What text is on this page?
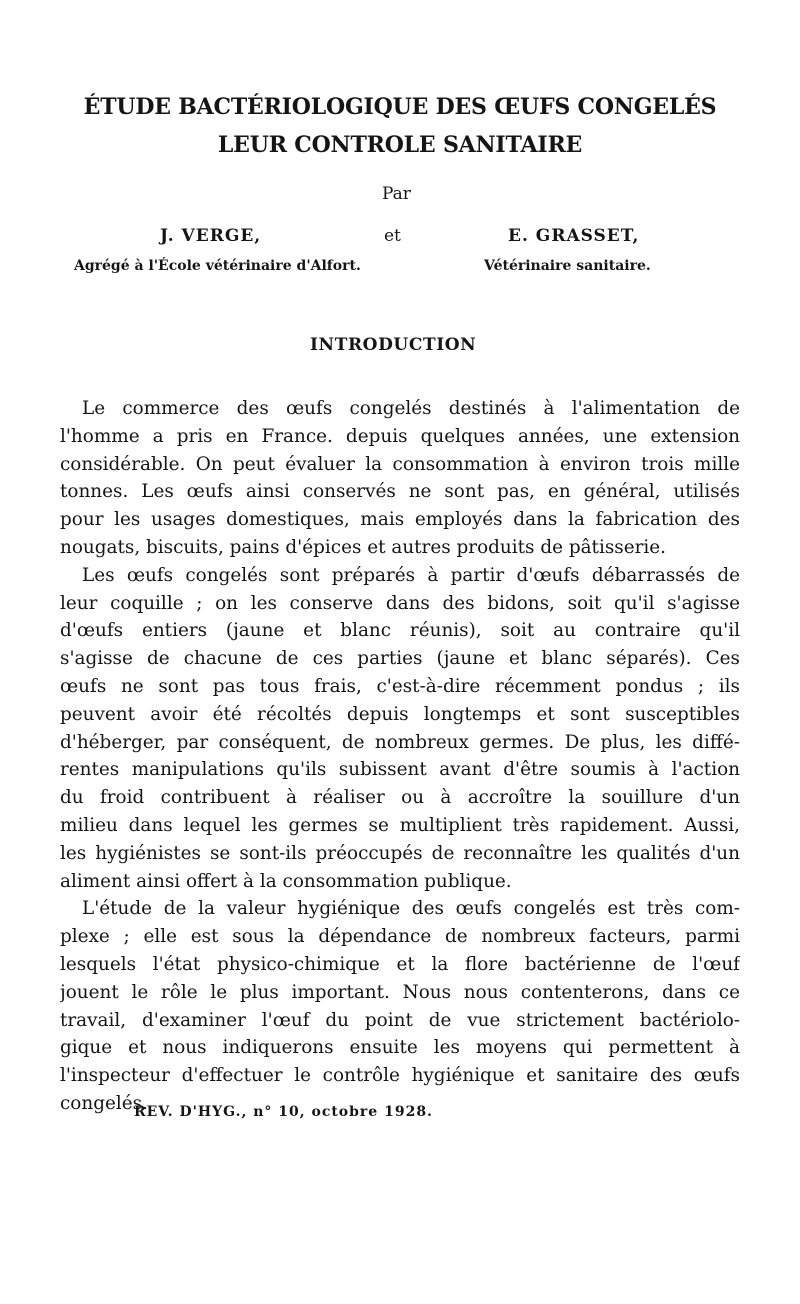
ÉTUDE BACTÉRIOLOGIQUE DES ŒUFS CONGELÉS
LEUR CONTROLE SANITAIRE
Par
J. VERGE,	et	E. GRASSET,
Agrégé à l'École vétérinaire d'Alfort.	Vétérinaire sanitaire.
INTRODUCTION
Le commerce des œufs congelés destinés à l'alimentation de
l'homme a pris en France. depuis quelques années, une extension
considérable. On peut évaluer la consommation à environ trois mille
tonnes. Les œufs ainsi conservés ne sont pas, en général, utilisés
pour les usages domestiques, mais employés dans la fabrication des
nougats, biscuits, pains d'épices et autres produits de pâtisserie.
Les œufs congelés sont préparés à partir d'œufs débarrassés de
leur coquille ; on les conserve dans des bidons, soit qu'il s'agisse
d'œufs entiers (jaune et blanc réunis), soit au contraire qu'il
s'agisse de chacune de ces parties (jaune et blanc séparés). Ces
œufs ne sont pas tous frais, c'est-à-dire récemment pondus ; ils
peuvent avoir été récoltés depuis longtemps et sont susceptibles
d'héberger, par conséquent, de nombreux germes. De plus, les diffé-
rentes manipulations qu'ils subissent avant d'être soumis à l'action
du froid contribuent à réaliser ou à accroître la souillure d'un
milieu dans lequel les germes se multiplient très rapidement. Aussi,
les hygiénistes se sont-ils préoccupés de reconnaître les qualités d'un
aliment ainsi offert à la consommation publique.
L'étude de la valeur hygiénique des œufs congelés est très com-
plexe ; elle est sous la dépendance de nombreux facteurs, parmi
lesquels l'état physico-chimique et la flore bactérienne de l'œuf
jouent le rôle le plus important. Nous nous contenterons, dans ce
travail, d'examiner l'œuf du point de vue strictement bactériolo-
gique et nous indiquerons ensuite les moyens qui permettent à
l'inspecteur d'effectuer le contrôle hygiénique et sanitaire des œufs
congelés.
REV. D'HYG., n° 10, octobre 1928.
